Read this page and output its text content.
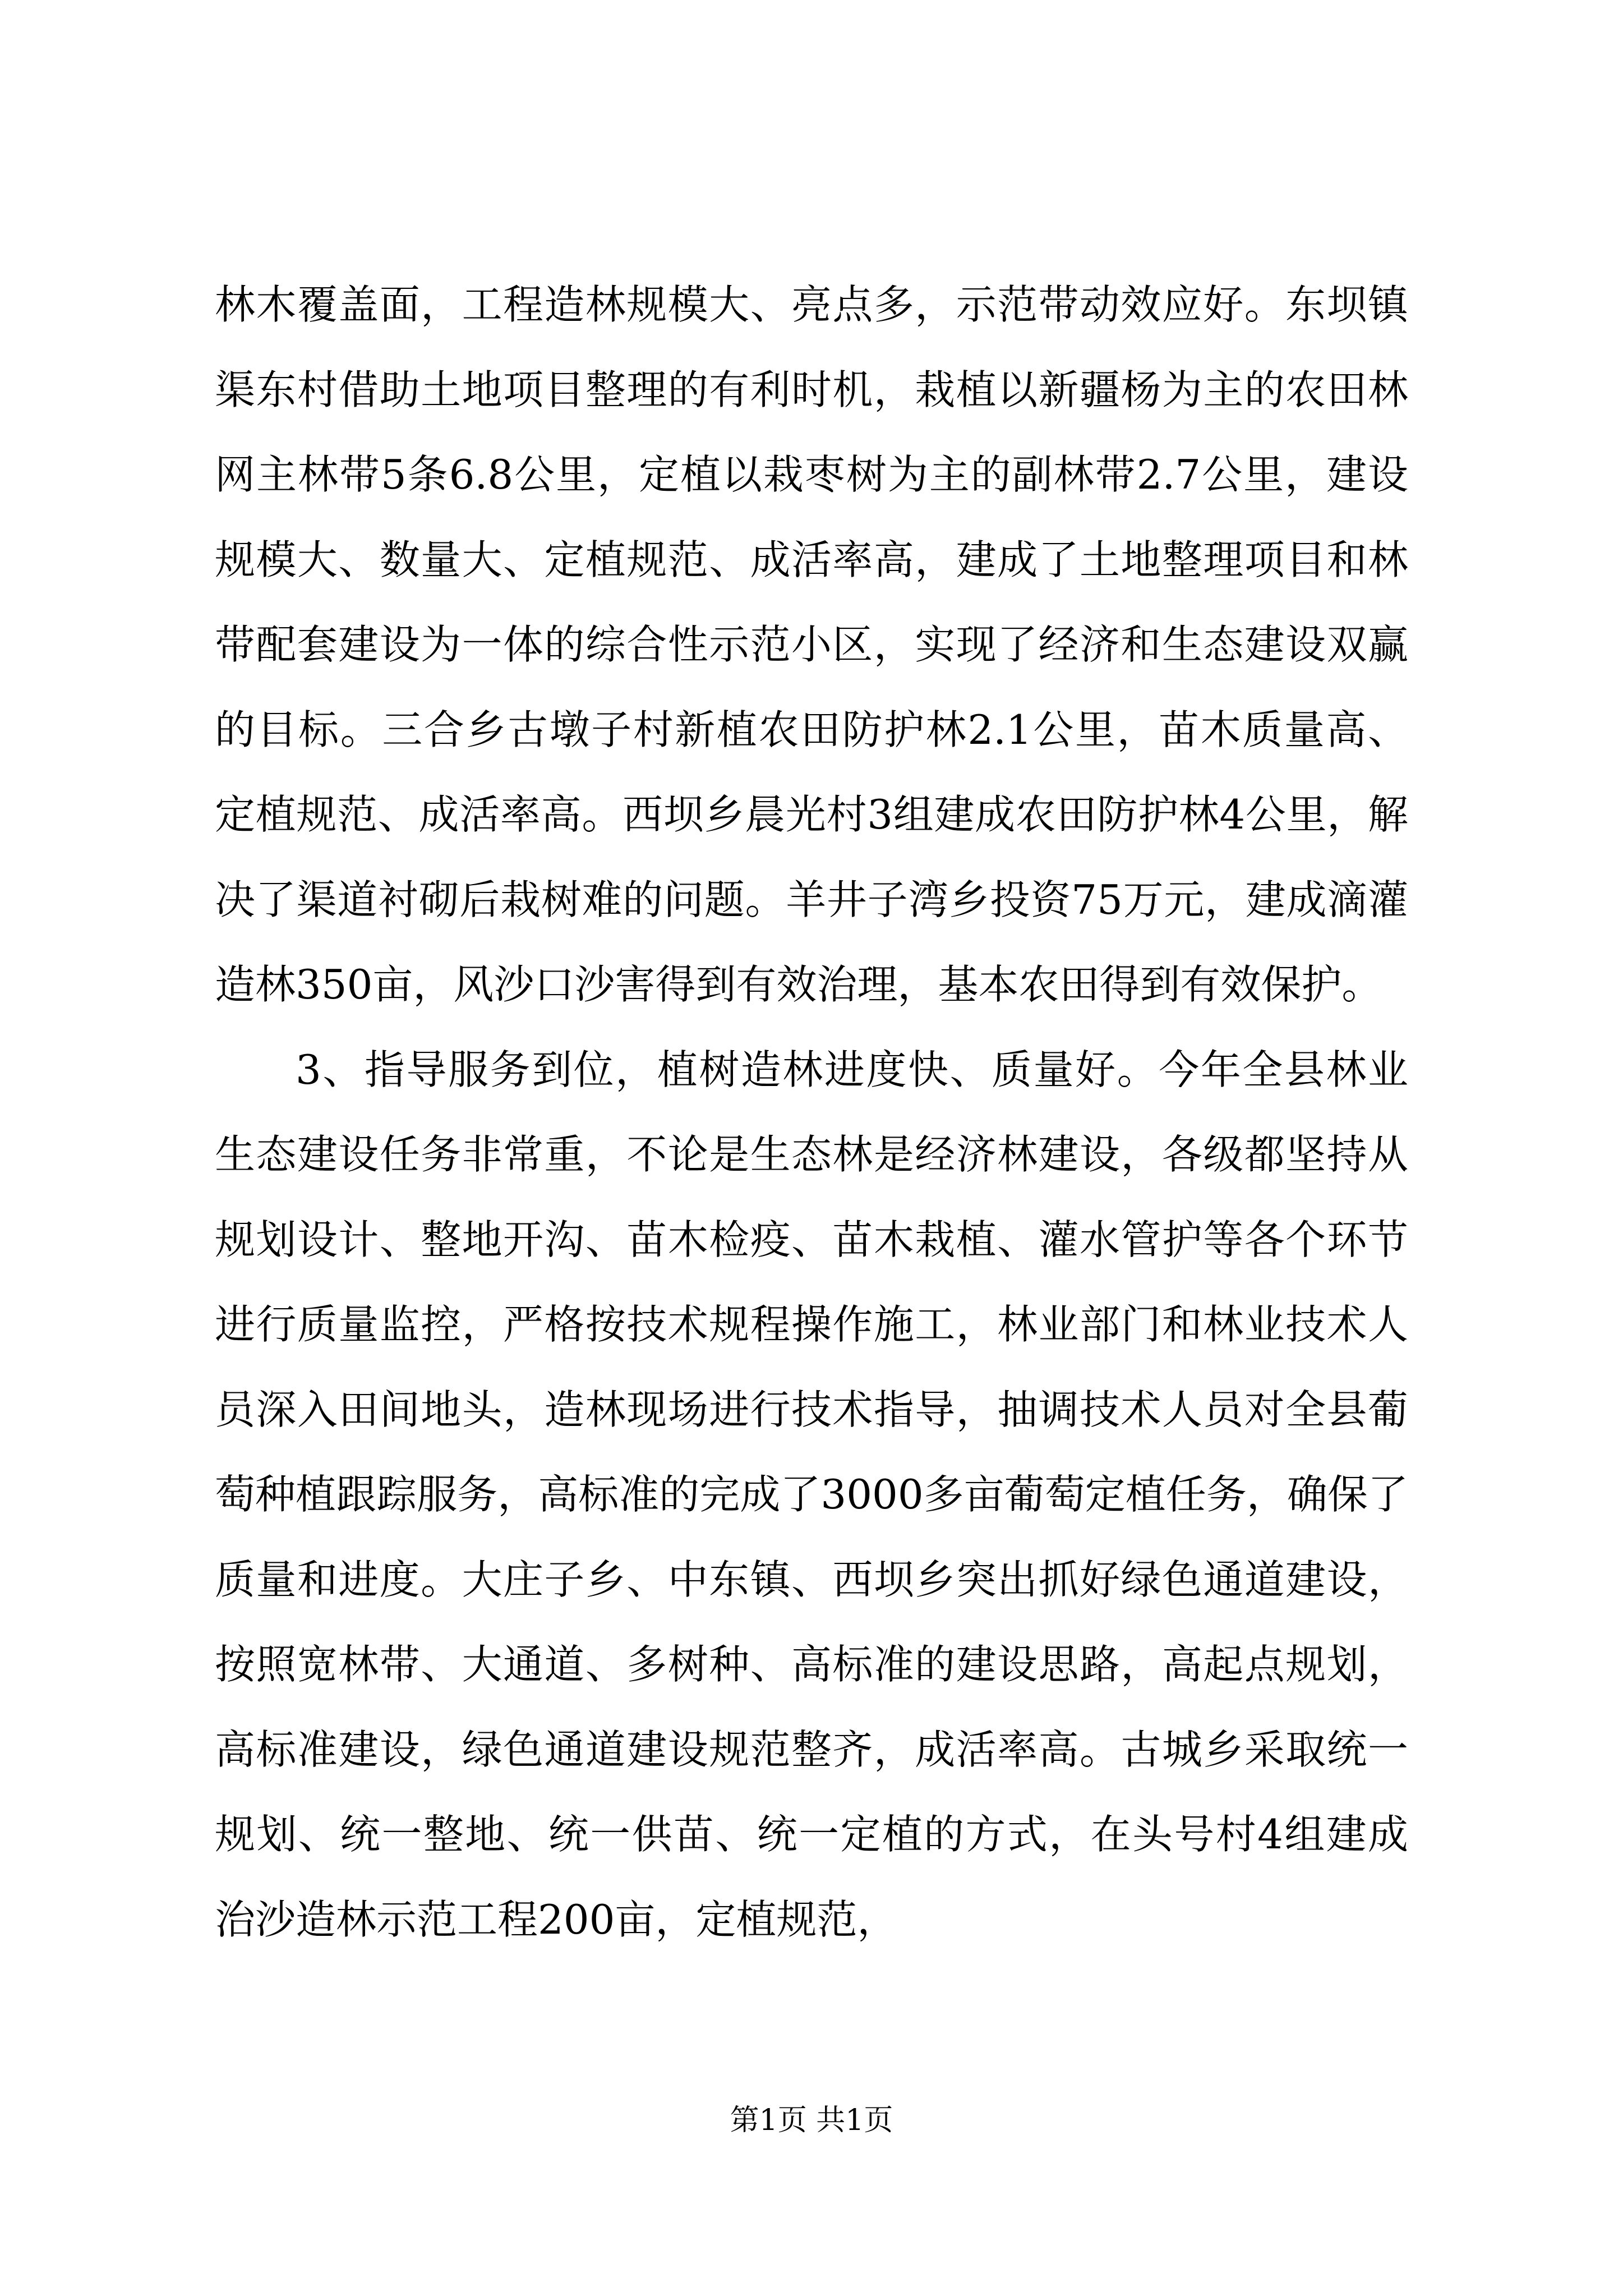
林木覆盖面，工程造林规模大、亮点多，示范带动效应好。东坝镇渠东村借助土地项目整理的有利时机，栽植以新疆杨为主的农田林网主林带5条6.8公里，定植以栽枣树为主的副林带2.7公里，建设规模大、数量大、定植规范、成活率高，建成了土地整理项目和林带配套建设为一体的综合性示范小区，实现了经济和生态建设双赢的目标。三合乡古墩子村新植农田防护林2.1公里，苗木质量高、定植规范、成活率高。西坝乡晨光村3组建成农田防护林4公里，解决了渠道衬砌后栽树难的问题。羊井子湾乡投资75万元，建成滴灌造林350亩，风沙口沙害得到有效治理，基本农田得到有效保护。

3、指导服务到位，植树造林进度快、质量好。今年全县林业生态建设任务非常重，不论是生态林是经济林建设，各级都坚持从规划设计、整地开沟、苗木检疫、苗木栽植、灌水管护等各个环节进行质量监控，严格按技术规程操作施工，林业部门和林业技术人员深入田间地头，造林现场进行技术指导，抽调技术人员对全县葡萄种植跟踪服务，高标准的完成了3000多亩葡萄定植任务，确保了质量和进度。大庄子乡、中东镇、西坝乡突出抓好绿色通道建设，按照宽林带、大通道、多树种、高标准的建设思路，高起点规划，高标准建设，绿色通道建设规范整齐，成活率高。古城乡采取统一规划、统一整地、统一供苗、统一定植的方式，在头号村4组建成治沙造林示范工程200亩，定植规范，

第1页 共1页
